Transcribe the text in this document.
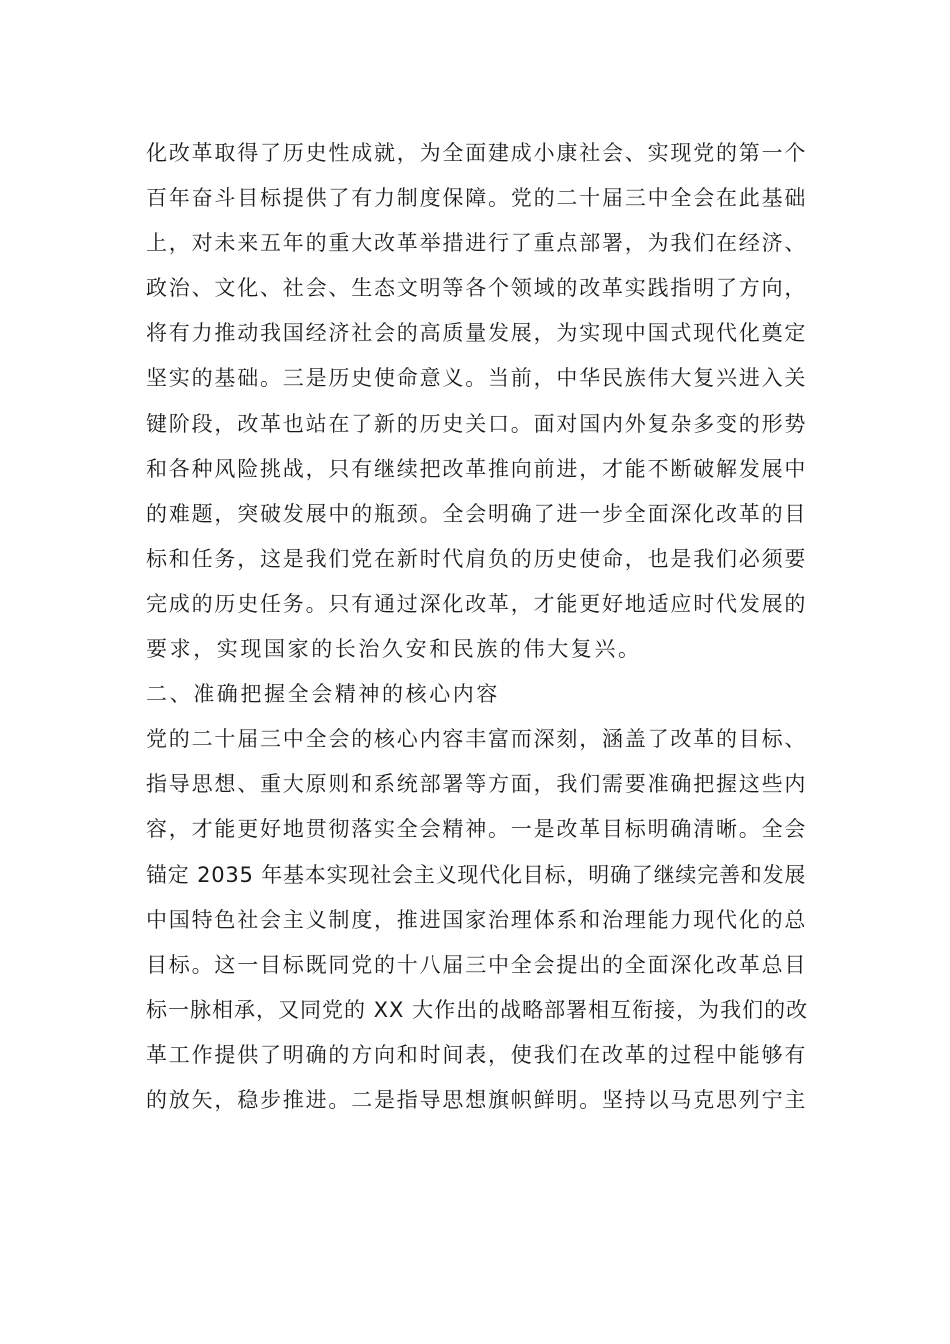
化改革取得了历史性成就，为全面建成小康社会、实现党的第一个
百年奋斗目标提供了有力制度保障。党的二十届三中全会在此基础
上，对未来五年的重大改革举措进行了重点部署，为我们在经济、
政治、文化、社会、生态文明等各个领域的改革实践指明了方向，
将有力推动我国经济社会的高质量发展，为实现中国式现代化奠定
坚实的基础。三是历史使命意义。当前，中华民族伟大复兴进入关
键阶段，改革也站在了新的历史关口。面对国内外复杂多变的形势
和各种风险挑战，只有继续把改革推向前进，才能不断破解发展中
的难题，突破发展中的瓶颈。全会明确了进一步全面深化改革的目
标和任务，这是我们党在新时代肩负的历史使命，也是我们必须要
完成的历史任务。只有通过深化改革，才能更好地适应时代发展的
要求，实现国家的长治久安和民族的伟大复兴。
二、准确把握全会精神的核心内容
党的二十届三中全会的核心内容丰富而深刻，涵盖了改革的目标、
指导思想、重大原则和系统部署等方面，我们需要准确把握这些内
容，才能更好地贯彻落实全会精神。一是改革目标明确清晰。全会
锚定 2035 年基本实现社会主义现代化目标，明确了继续完善和发展
中国特色社会主义制度，推进国家治理体系和治理能力现代化的总
目标。这一目标既同党的十八届三中全会提出的全面深化改革总目
标一脉相承，又同党的 XX 大作出的战略部署相互衔接，为我们的改
革工作提供了明确的方向和时间表，使我们在改革的过程中能够有
的放矢，稳步推进。二是指导思想旗帜鲜明。坚持以马克思列宁主
